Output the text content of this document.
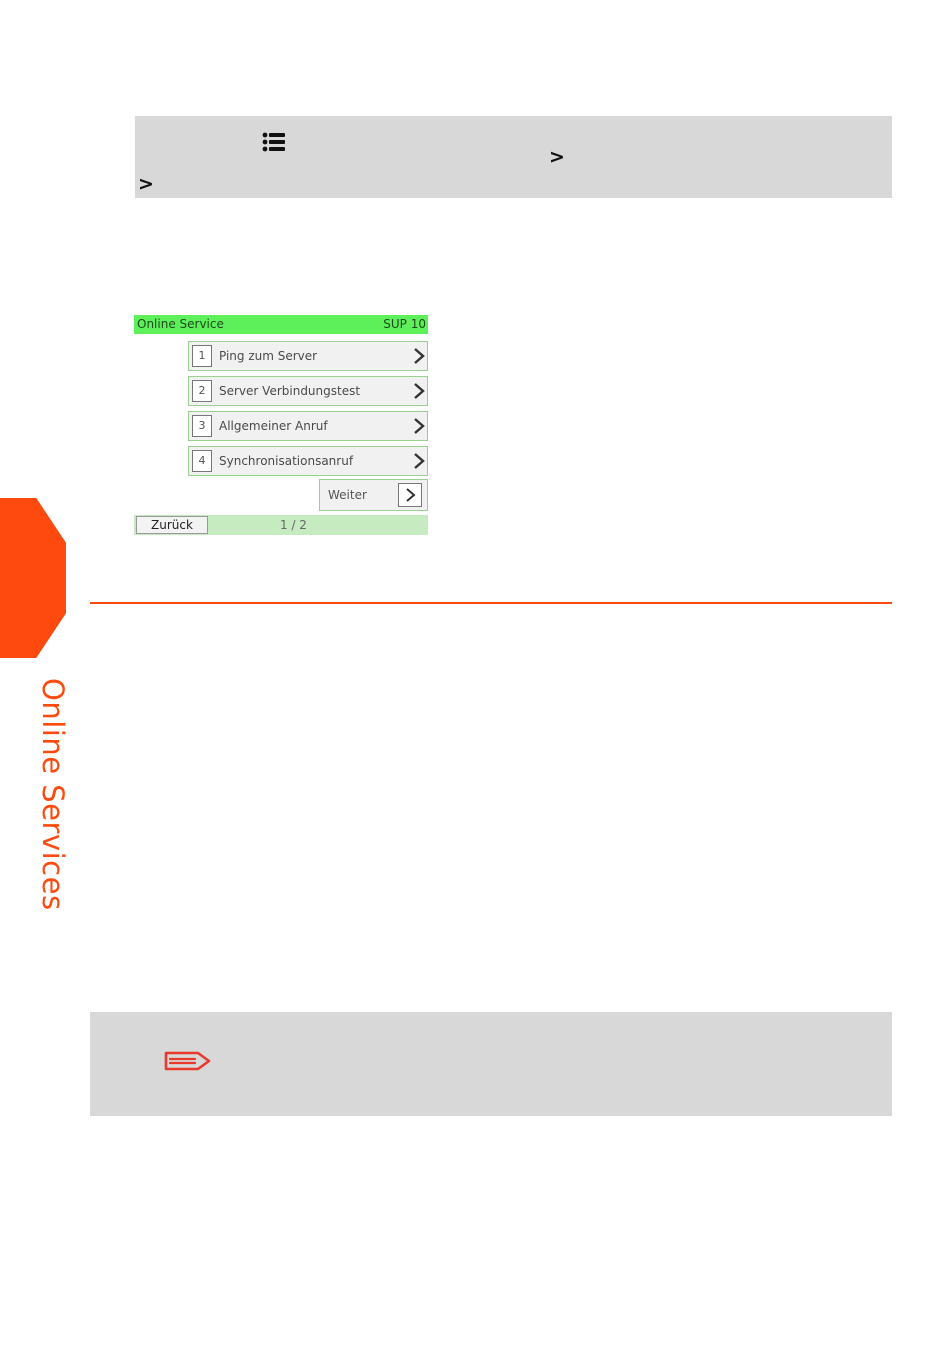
Online Services
>
>
Online Service	SUP 10
1	Ping zum Server
2	Server Verbindungstest
3	Allgemeiner Anruf
4	Synchronisationsanruf
Weiter
Zurück	1 / 2
